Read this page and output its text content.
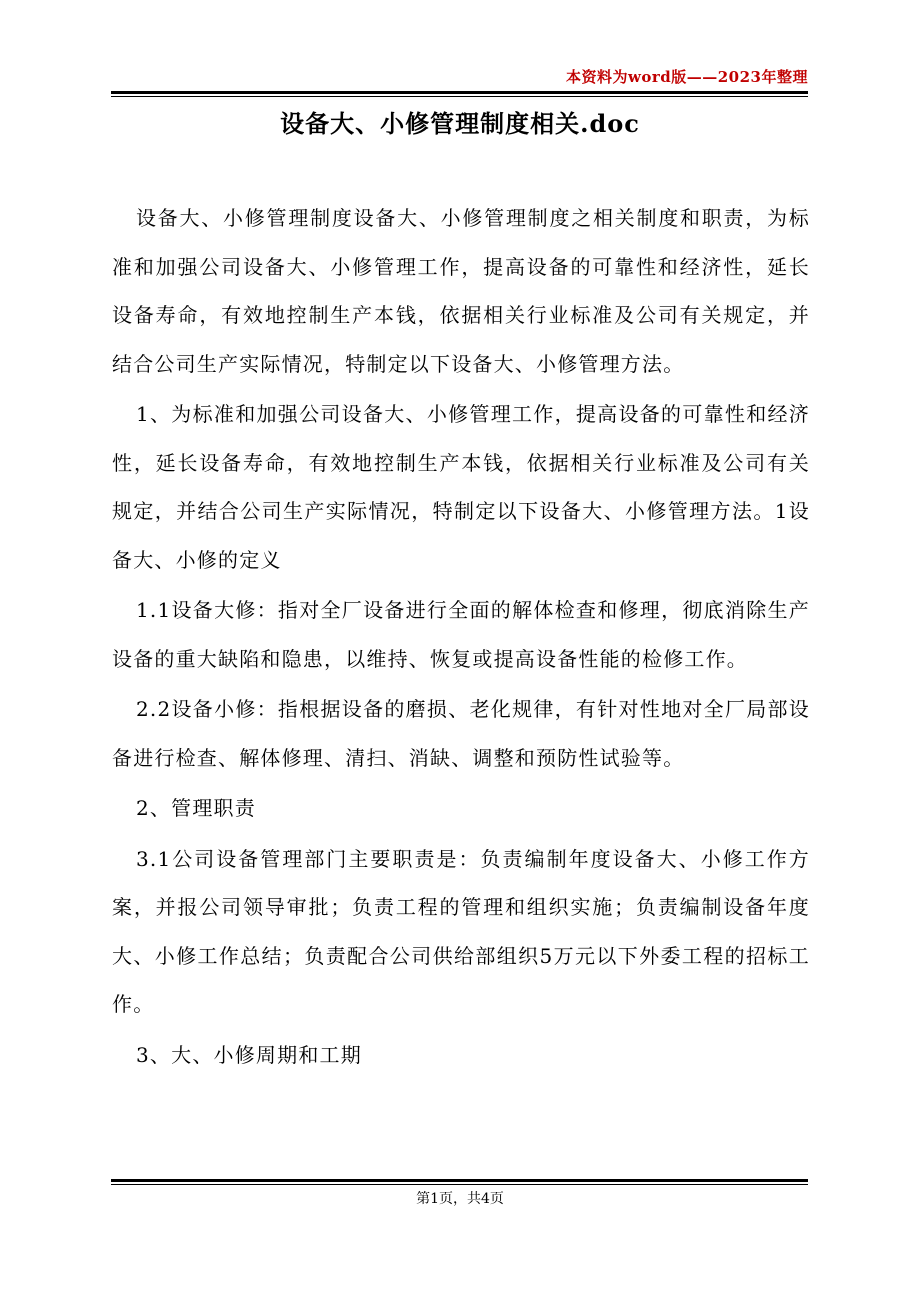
本资料为word版——2023年整理
设备大、小修管理制度相关.doc

设备大、小修管理制度设备大、小修管理制度之相关制度和职责，为标准和加强公司设备大、小修管理工作，提高设备的可靠性和经济性，延长设备寿命，有效地控制生产本钱，依据相关行业标准及公司有关规定，并结合公司生产实际情况，特制定以下设备大、小修管理方法。

1、为标准和加强公司设备大、小修管理工作，提高设备的可靠性和经济性，延长设备寿命，有效地控制生产本钱，依据相关行业标准及公司有关规定，并结合公司生产实际情况，特制定以下设备大、小修管理方法。1设备大、小修的定义

1.1设备大修：指对全厂设备进行全面的解体检查和修理，彻底消除生产设备的重大缺陷和隐患，以维持、恢复或提高设备性能的检修工作。

2.2设备小修：指根据设备的磨损、老化规律，有针对性地对全厂局部设备进行检查、解体修理、清扫、消缺、调整和预防性试验等。

2、管理职责

3.1公司设备管理部门主要职责是：负责编制年度设备大、小修工作方案，并报公司领导审批；负责工程的管理和组织实施；负责编制设备年度大、小修工作总结；负责配合公司供给部组织5万元以下外委工程的招标工作。

3、大、小修周期和工期

第1页，共4页
